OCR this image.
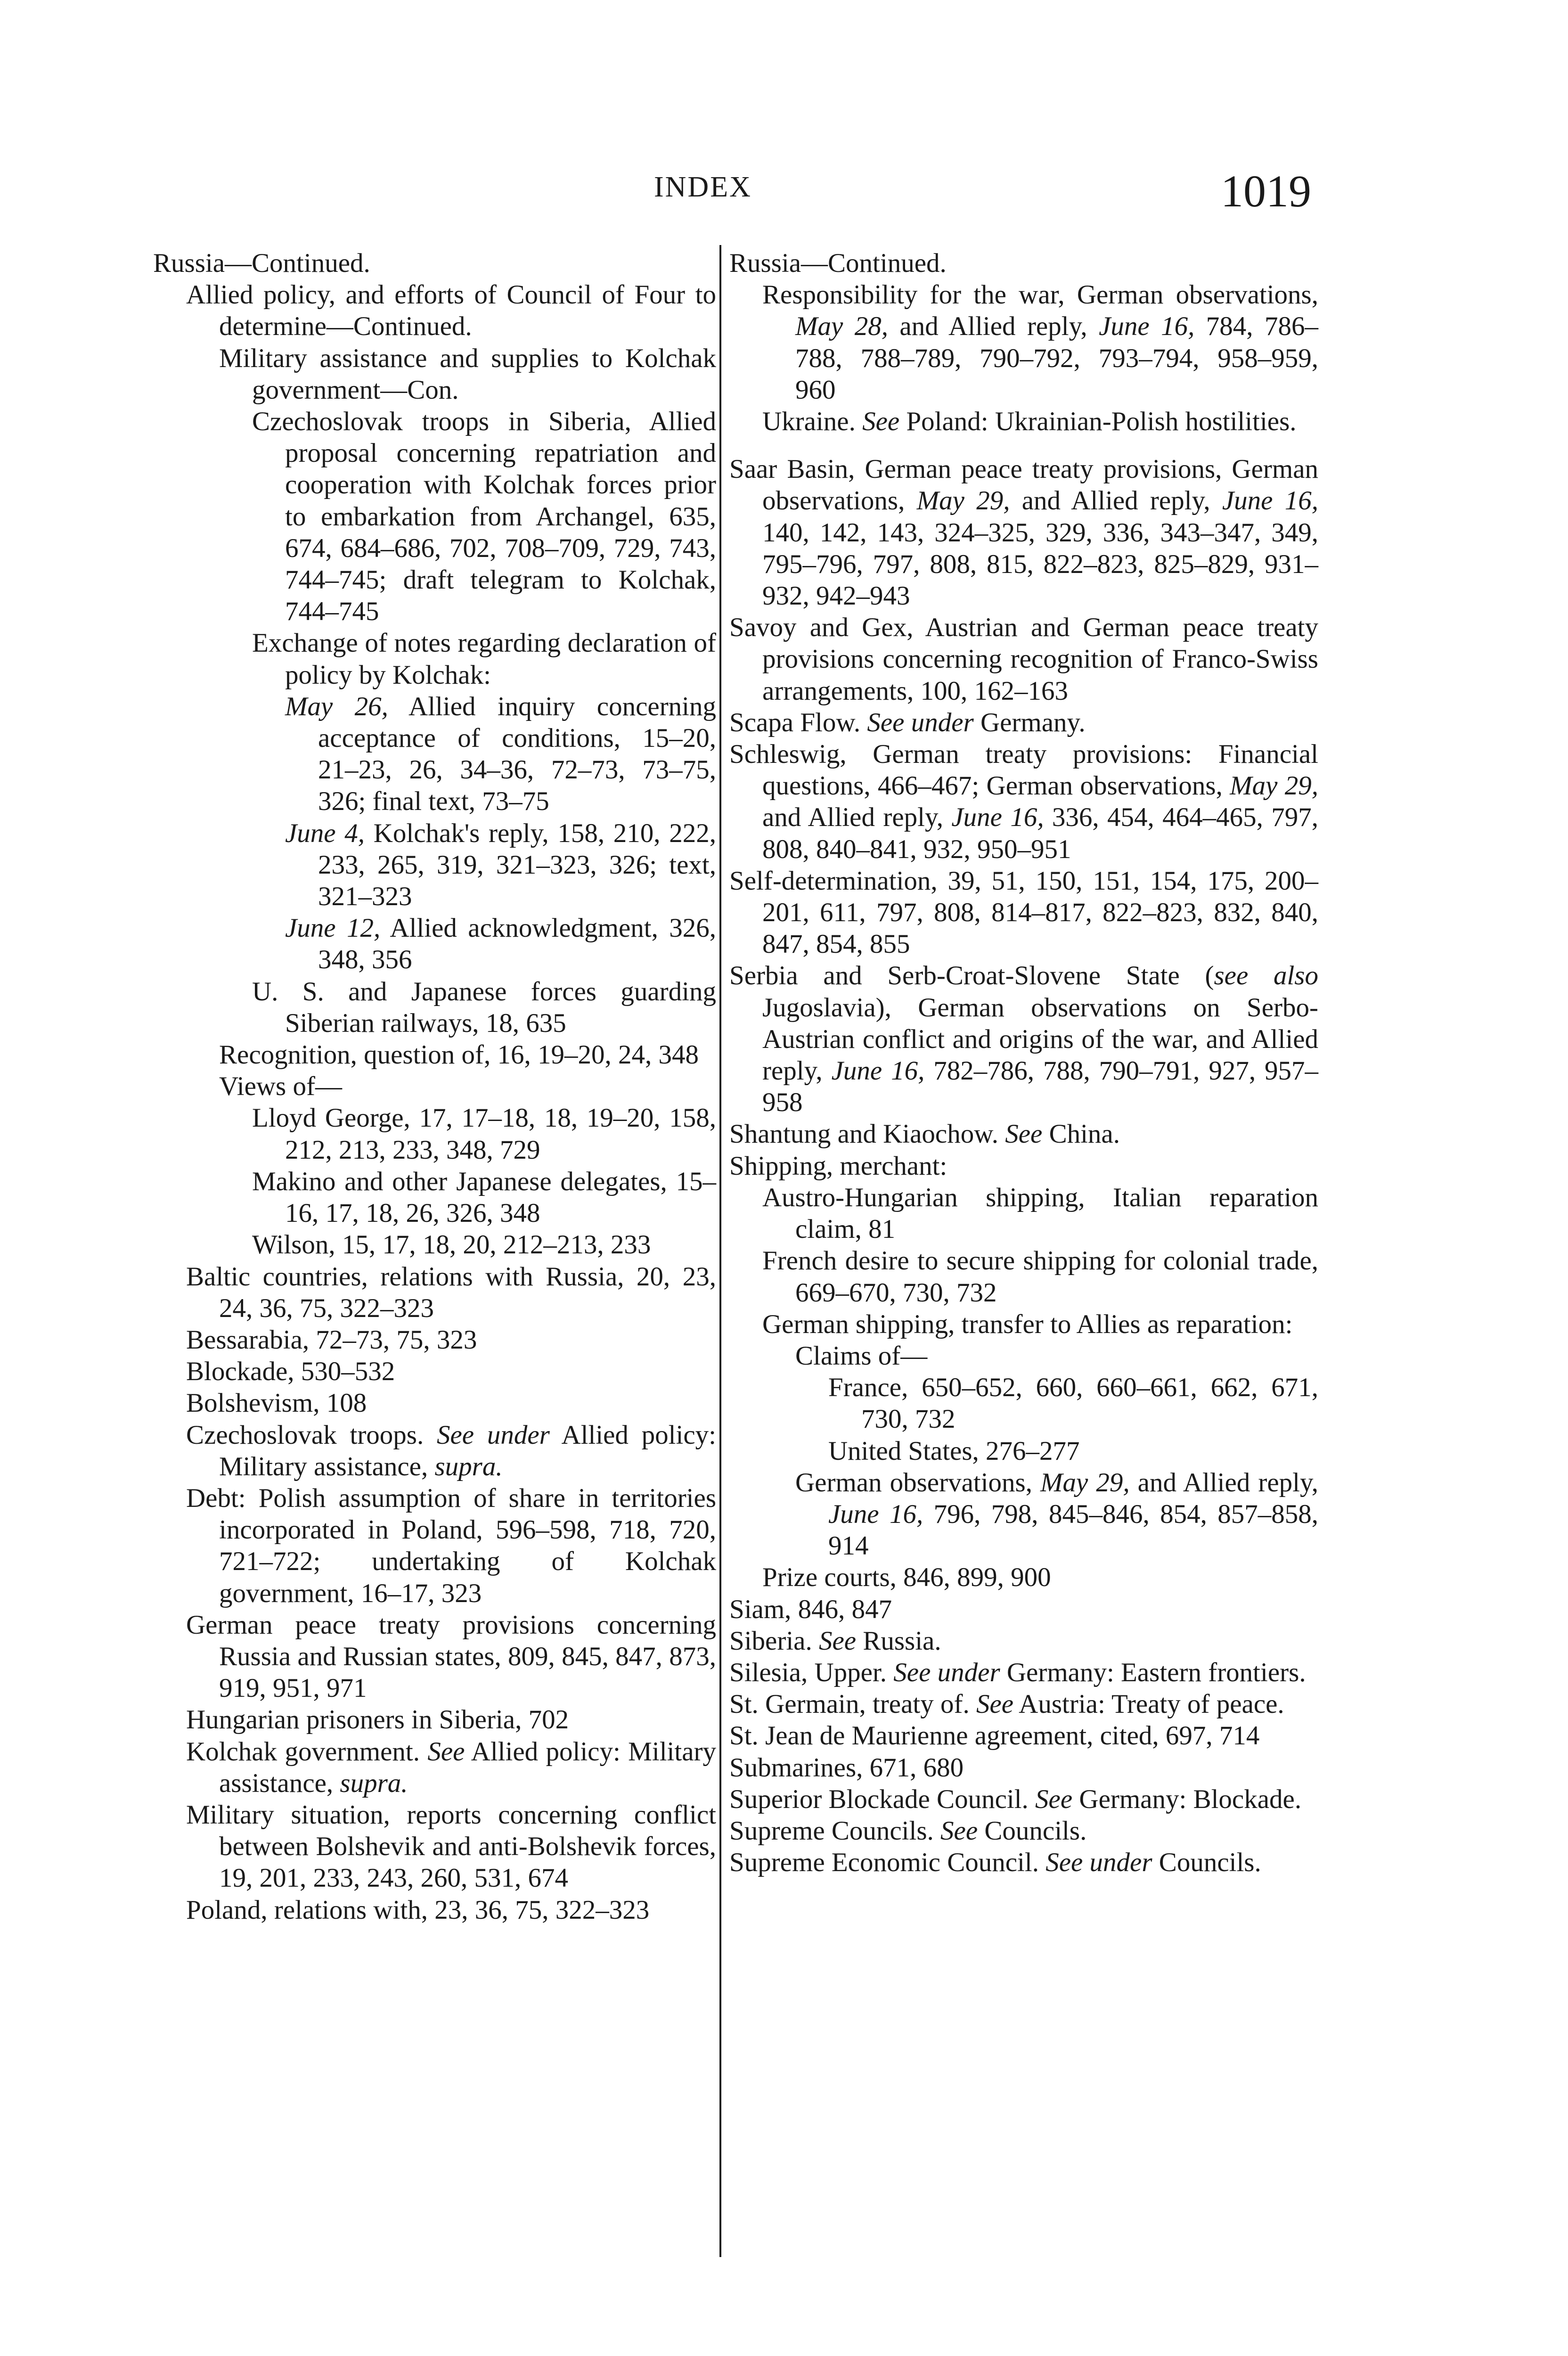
INDEX	1019
Russia—Continued.
Allied policy, and efforts of Council of Four to determine—Continued.
Military assistance and supplies to Kolchak government—Con.
Czechoslovak troops in Siberia, Allied proposal concerning repatriation and cooperation with Kolchak forces prior to embarkation from Archangel, 635, 674, 684–686, 702, 708–709, 729, 743, 744–745; draft telegram to Kolchak, 744–745
Exchange of notes regarding declaration of policy by Kolchak:
May 26, Allied inquiry concerning acceptance of conditions, 15–20, 21–23, 26, 34–36, 72–73, 73–75, 326; final text, 73–75
June 4, Kolchak's reply, 158, 210, 222, 233, 265, 319, 321–323, 326; text, 321–323
June 12, Allied acknowledgment, 326, 348, 356
U. S. and Japanese forces guarding Siberian railways, 18, 635
Recognition, question of, 16, 19–20, 24, 348
Views of—
Lloyd George, 17, 17–18, 18, 19–20, 158, 212, 213, 233, 348, 729
Makino and other Japanese delegates, 15–16, 17, 18, 26, 326, 348
Wilson, 15, 17, 18, 20, 212–213, 233
Baltic countries, relations with Russia, 20, 23, 24, 36, 75, 322–323
Bessarabia, 72–73, 75, 323
Blockade, 530–532
Bolshevism, 108
Czechoslovak troops. See under Allied policy: Military assistance, supra.
Debt: Polish assumption of share in territories incorporated in Poland, 596–598, 718, 720, 721–722; undertaking of Kolchak government, 16–17, 323
German peace treaty provisions concerning Russia and Russian states, 809, 845, 847, 873, 919, 951, 971
Hungarian prisoners in Siberia, 702
Kolchak government. See Allied policy: Military assistance, supra.
Military situation, reports concerning conflict between Bolshevik and anti-Bolshevik forces, 19, 201, 233, 243, 260, 531, 674
Poland, relations with, 23, 36, 75, 322–323
Russia—Continued.
Responsibility for the war, German observations, May 28, and Allied reply, June 16, 784, 786–788, 788–789, 790–792, 793–794, 958–959, 960
Ukraine. See Poland: Ukrainian-Polish hostilities.
Saar Basin, German peace treaty provisions, German observations, May 29, and Allied reply, June 16, 140, 142, 143, 324–325, 329, 336, 343–347, 349, 795–796, 797, 808, 815, 822–823, 825–829, 931–932, 942–943
Savoy and Gex, Austrian and German peace treaty provisions concerning recognition of Franco-Swiss arrangements, 100, 162–163
Scapa Flow. See under Germany.
Schleswig, German treaty provisions: Financial questions, 466–467; German observations, May 29, and Allied reply, June 16, 336, 454, 464–465, 797, 808, 840–841, 932, 950–951
Self-determination, 39, 51, 150, 151, 154, 175, 200–201, 611, 797, 808, 814–817, 822–823, 832, 840, 847, 854, 855
Serbia and Serb-Croat-Slovene State (see also Jugoslavia), German observations on Serbo-Austrian conflict and origins of the war, and Allied reply, June 16, 782–786, 788, 790–791, 927, 957–958
Shantung and Kiaochow. See China.
Shipping, merchant:
Austro-Hungarian shipping, Italian reparation claim, 81
French desire to secure shipping for colonial trade, 669–670, 730, 732
German shipping, transfer to Allies as reparation:
Claims of—
France, 650–652, 660, 660–661, 662, 671, 730, 732
United States, 276–277
German observations, May 29, and Allied reply, June 16, 796, 798, 845–846, 854, 857–858, 914
Prize courts, 846, 899, 900
Siam, 846, 847
Siberia. See Russia.
Silesia, Upper. See under Germany: Eastern frontiers.
St. Germain, treaty of. See Austria: Treaty of peace.
St. Jean de Maurienne agreement, cited, 697, 714
Submarines, 671, 680
Superior Blockade Council. See Germany: Blockade.
Supreme Councils. See Councils.
Supreme Economic Council. See under Councils.
